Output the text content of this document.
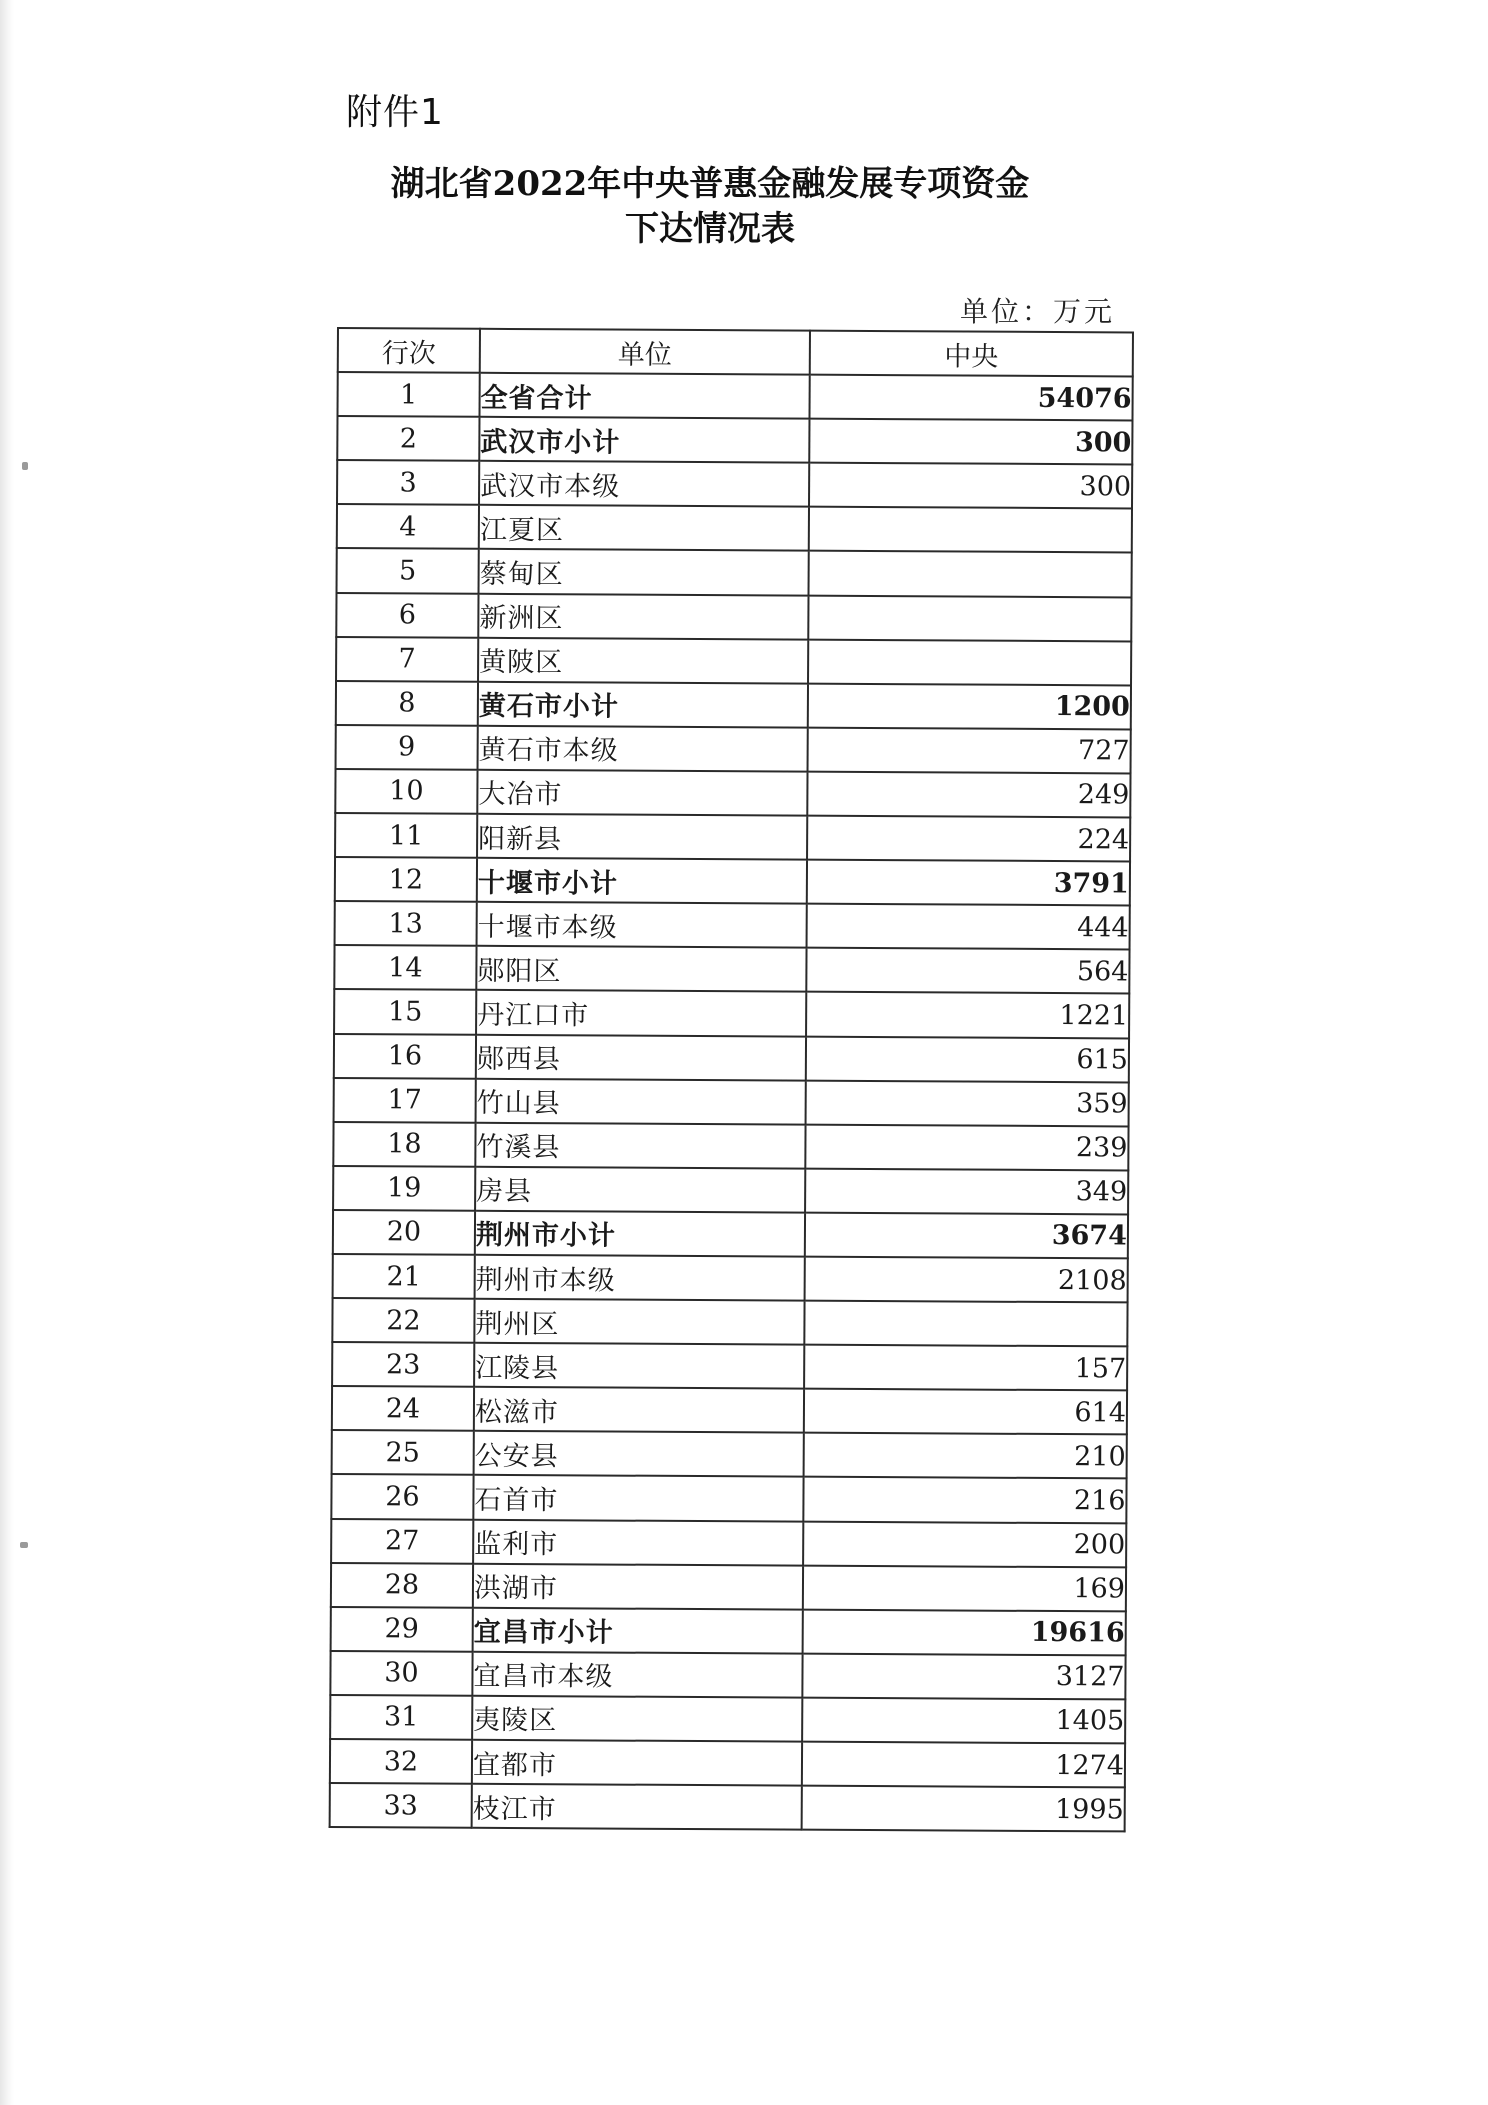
附件1
湖北省2022年中央普惠金融发展专项资金
下达情况表
单位：万元
行次	单位	中央
1	全省合计	54076
2	武汉市小计	300
3	武汉市本级	300
4	江夏区	
5	蔡甸区	
6	新洲区	
7	黄陂区	
8	黄石市小计	1200
9	黄石市本级	727
10	大冶市	249
11	阳新县	224
12	十堰市小计	3791
13	十堰市本级	444
14	郧阳区	564
15	丹江口市	1221
16	郧西县	615
17	竹山县	359
18	竹溪县	239
19	房县	349
20	荆州市小计	3674
21	荆州市本级	2108
22	荆州区	
23	江陵县	157
24	松滋市	614
25	公安县	210
26	石首市	216
27	监利市	200
28	洪湖市	169
29	宜昌市小计	19616
30	宜昌市本级	3127
31	夷陵区	1405
32	宜都市	1274
33	枝江市	1995
